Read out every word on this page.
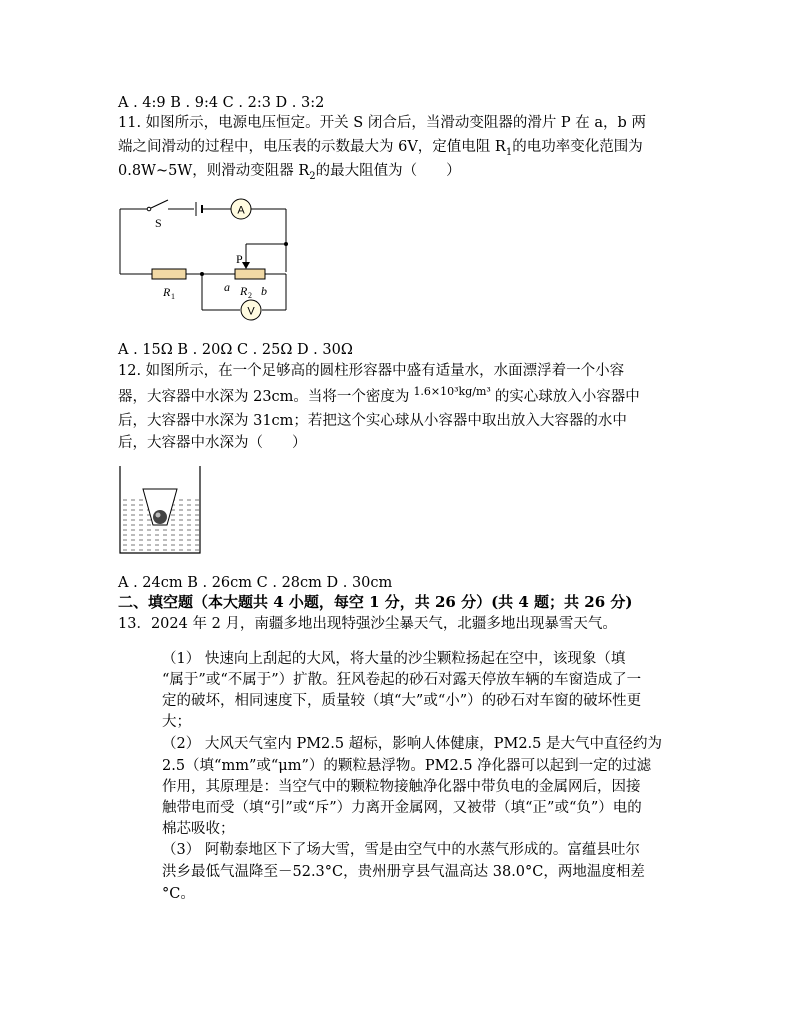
A . 4:9 B . 9:4 C . 2:3 D . 3:2
11. 如图所示，电源电压恒定。开关 S 闭合后，当滑动变阻器的滑片 P 在 a，b 两
端之间滑动的过程中，电压表的示数最大为 6V，定值电阻 $R_1$的电功率变化范围为
0.8W~5W，则滑动变阻器 $R_2$的最大阻值为（　　）
A
V
S
P
R 1
a R 2 b
A . 15Ω B . 20Ω C . 25Ω D . 30Ω
12. 如图所示，在一个足够高的圆柱形容器中盛有适量水，水面漂浮着一个小容
器，大容器中水深为 23cm。当将一个密度为 $^{1.6\times 10^3kg/m^3}$ 的实心球放入小容器中
后，大容器中水深为 31cm；若把这个实心球从小容器中取出放入大容器的水中
后，大容器中水深为（　　）
A . 24cm B . 26cm C . 28cm D . 30cm
二、填空题（本大题共 4 小题，每空 1 分，共 26 分）(共 4 题；共 26 分)
13．2024 年 2 月，南疆多地出现特强沙尘暴天气，北疆多地出现暴雪天气。
（1） 快速向上刮起的大风，将大量的沙尘颗粒扬起在空中，该现象（填
“属于”或“不属于”）扩散。狂风卷起的砂石对露天停放车辆的车窗造成了一
定的破坏，相同速度下，质量较（填“大”或“小”）的砂石对车窗的破坏性更
大；
（2） 大风天气室内 PM2.5 超标，影响人体健康，PM2.5 是大气中直径约为
2.5（填“mm”或“μm”）的颗粒悬浮物。PM2.5 净化器可以起到一定的过滤
作用，其原理是：当空气中的颗粒物接触净化器中带负电的金属网后，因接
触带电而受（填“引”或“斥”）力离开金属网，又被带（填“正”或“负”）电的
棉芯吸收；
（3） 阿勒泰地区下了场大雪，雪是由空气中的水蒸气形成的。富蕴县吐尔
洪乡最低气温降至－52.3°C，贵州册亨县气温高达 38.0°C，两地温度相差
°C。
